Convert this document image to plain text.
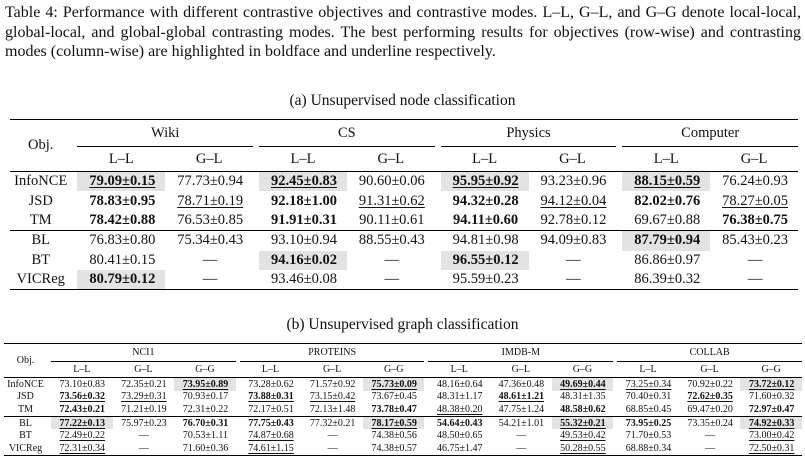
Table 4: Performance with different contrastive objectives and contrastive modes. L–L, G–L, and G–G denote local-local, global-local, and global-global contrasting modes. The best performing results for objectives (row-wise) and contrasting modes (column-wise) are highlighted in boldface and underline respectively.
(a) Unsupervised node classification
Obj.		Wiki			CS			Physics			Computer	
		L–L	G–L		L–L	G–L		L–L	G–L		L–L	G–L
InfoNCE		79.09±0.15	77.73±0.94		92.45±0.83	90.60±0.06		95.95±0.92	93.23±0.96		88.15±0.59	76.24±0.93
JSD		78.83±0.95	78.71±0.19		92.18±1.00	91.31±0.62		94.32±0.28	94.12±0.04		82.02±0.76	78.27±0.05
TM		78.42±0.88	76.53±0.85		91.91±0.31	90.11±0.61		94.11±0.60	92.78±0.12		69.67±0.88	76.38±0.75
BL		76.83±0.80	75.34±0.43		93.10±0.94	88.55±0.43		94.81±0.98	94.09±0.83		87.79±0.94	85.43±0.23
BT		80.41±0.15	—		94.16±0.02	—		96.55±0.12	—		86.86±0.97	—
VICReg		80.79±0.12	—		93.46±0.08	—		95.59±0.23	—		86.39±0.32	—
(b) Unsupervised graph classification
Obj.		NCI1				PROTEINS				IMDB-M				COLLAB		
		L–L	G–L	G–G		L–L	G–L	G–G		L–L	G–L	G–G		L–L	G–L	G–G
InfoNCE		73.10±0.83	72.35±0.21	73.95±0.89		73.28±0.62	71.57±0.92	75.73±0.09		48.16±0.64	47.36±0.48	49.69±0.44		73.25±0.34	70.92±0.22	73.72±0.12
JSD		73.56±0.32	73.29±0.31	70.93±0.17		73.88±0.31	73.15±0.42	73.67±0.45		48.31±1.17	48.61±1.21	48.31±1.35		70.40±0.31	72.62±0.35	71.60±0.32
TM		72.43±0.21	71.21±0.19	72.31±0.22		72.17±0.51	72.13±1.48	73.78±0.47		48.38±0.20	47.75±1.24	48.58±0.62		68.85±0.45	69.47±0.20	72.97±0.47
BL		77.22±0.13	75.97±0.23	76.70±0.31		77.75±0.43	77.32±0.21	78.17±0.59		54.64±0.43	54.21±1.01	55.32±0.21		73.95±0.25	73.35±0.24	74.92±0.33
BT		72.49±0.22	—	70.53±1.11		74.87±0.68	—	74.38±0.56		48.50±0.65	—	49.53±0.42		71.70±0.53	—	73.00±0.42
VICReg		72.31±0.34	—	71.60±0.36		74.61±1.15	—	74.38±0.57		46.75±1.47	—	50.28±0.55		68.88±0.34	—	72.50±0.31
